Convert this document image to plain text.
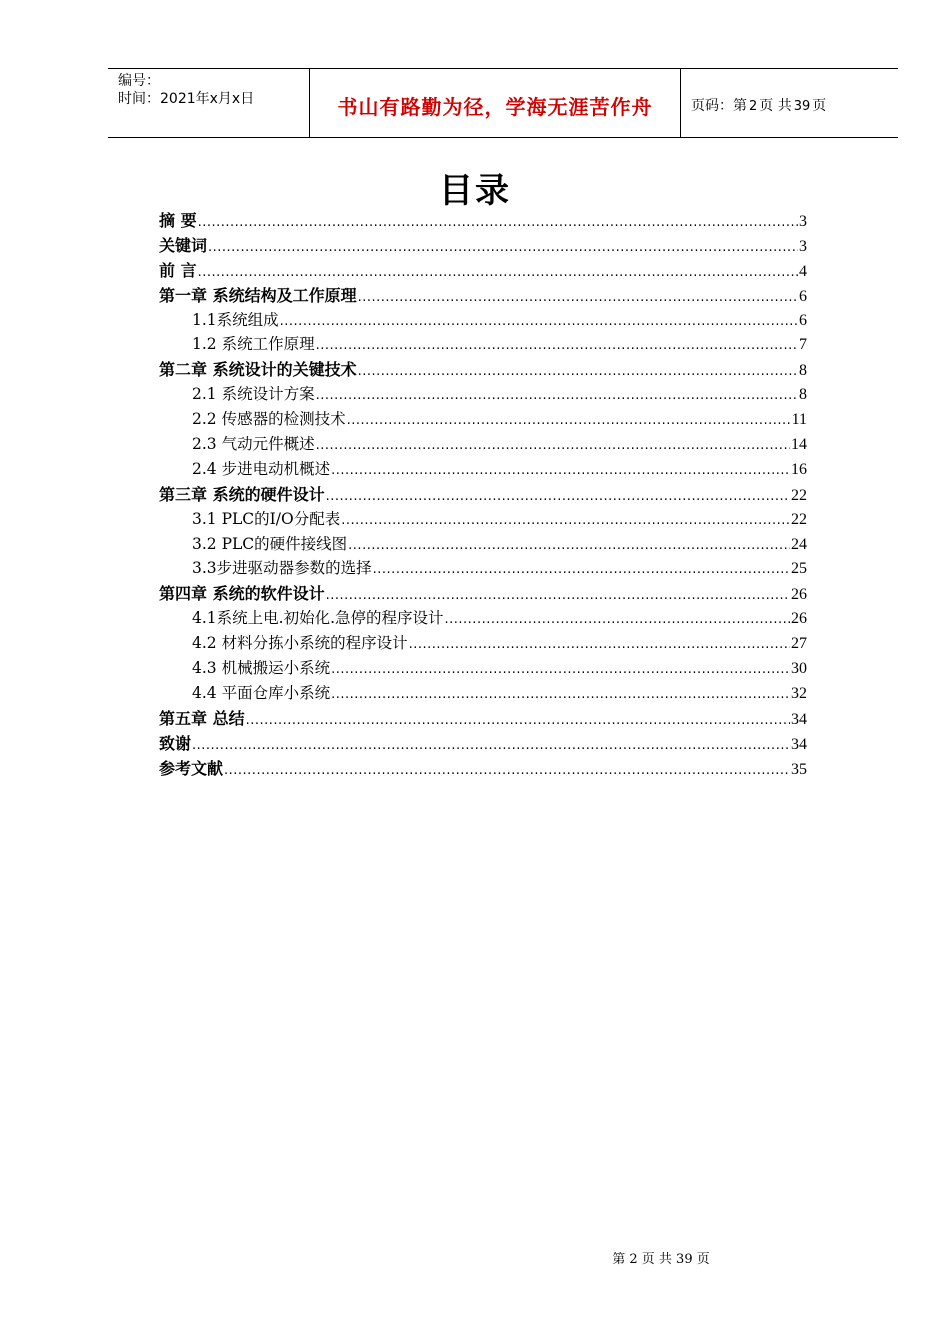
编号：
时间：2021年x月x日	书山有路勤为径，学海无涯苦作舟	页码：第 2 页 共 39 页
目录
摘 要 .....	3
关键词 .....	3
前 言 .....	4
第一章 系统结构及工作原理 .....	6
1.1系统组成 .....	6
1.2 系统工作原理 .....	7
第二章 系统设计的关键技术 .....	8
2.1 系统设计方案 .....	8
2.2 传感器的检测技术 .....	11
2.3 气动元件概述 .....	14
2.4 步进电动机概述 .....	16
第三章 系统的硬件设计 .....	22
3.1 PLC的I/O分配表 .....	22
3.2 PLC的硬件接线图 .....	24
3.3步进驱动器参数的选择 .....	25
第四章 系统的软件设计 .....	26
4.1系统上电.初始化.急停的程序设计 .....	26
4.2 材料分拣小系统的程序设计 .....	27
4.3 机械搬运小系统 .....	30
4.4 平面仓库小系统 .....	32
第五章 总结 .....	34
致谢 .....	34
参考文献 .....	35
第 2 页 共 39 页
